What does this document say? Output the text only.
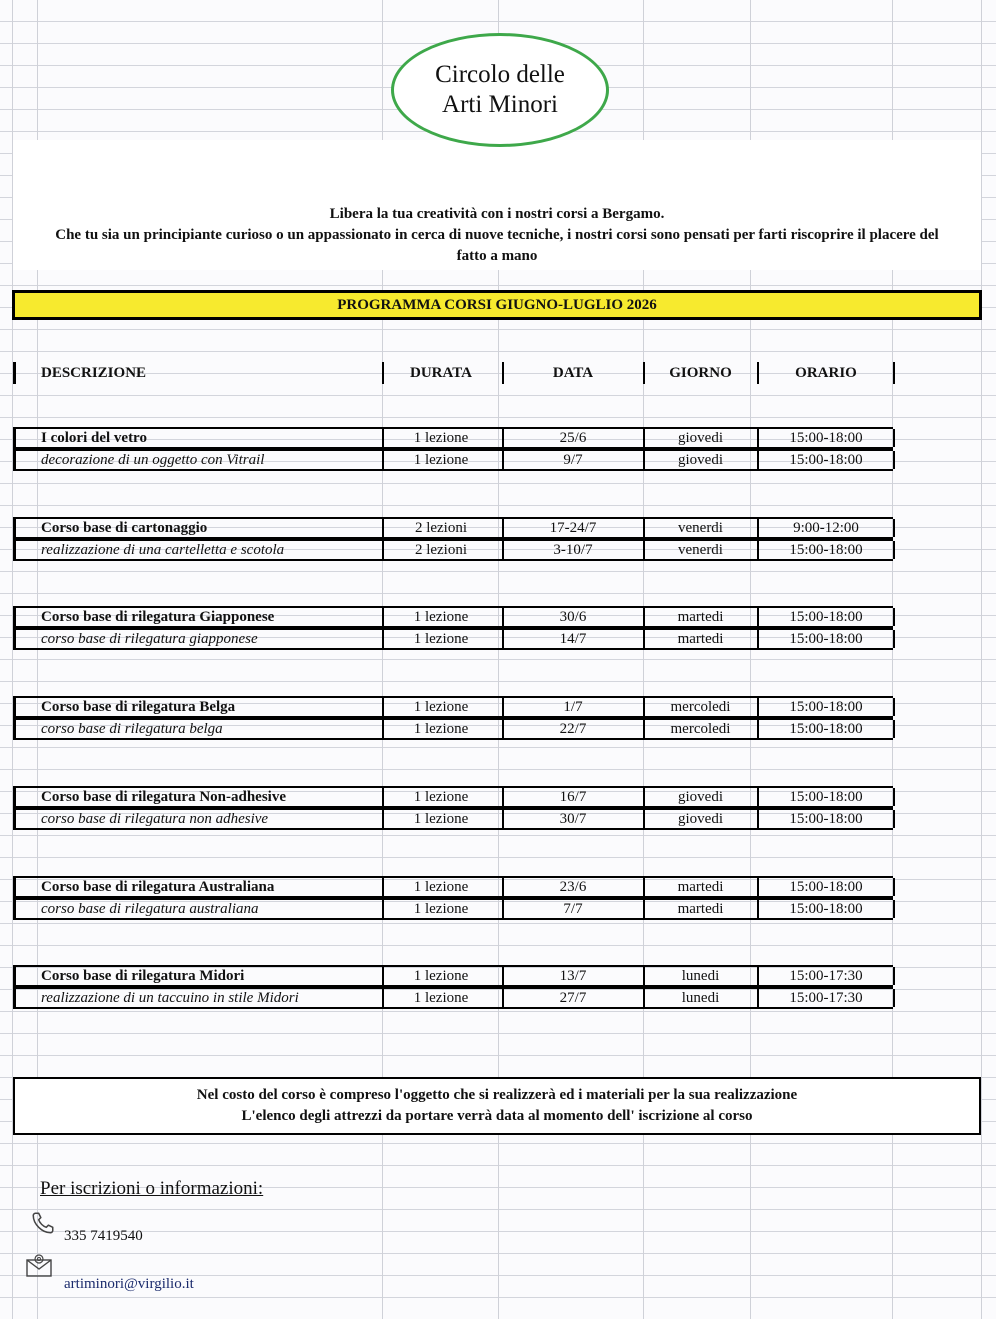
Circolo delle
Arti Minori
Libera la tua creatività con i nostri corsi a Bergamo.
Che tu sia un principiante curioso o un appassionato in cerca di nuove tecniche, i nostri corsi sono pensati per farti riscoprire il placere del
fatto a mano
PROGRAMMA CORSI GIUGNO-LUGLIO 2026
DESCRIZIONE	DURATA	DATA	GIORNO	ORARIO
I colori del vetro	1 lezione	25/6	giovedi	15:00-18:00
decorazione di un oggetto con Vitrail	1 lezione	9/7	giovedi	15:00-18:00
Corso base di cartonaggio	2 lezioni	17-24/7	venerdi	9:00-12:00
realizzazione di una cartelletta e scotola	2 lezioni	3-10/7	venerdi	15:00-18:00
Corso base di rilegatura Giapponese	1 lezione	30/6	martedi	15:00-18:00
corso base di rilegatura giapponese	1 lezione	14/7	martedi	15:00-18:00
Corso base di rilegatura Belga	1 lezione	1/7	mercoledi	15:00-18:00
corso base di rilegatura belga	1 lezione	22/7	mercoledi	15:00-18:00
Corso base di rilegatura Non-adhesive	1 lezione	16/7	giovedi	15:00-18:00
corso base di rilegatura non adhesive	1 lezione	30/7	giovedi	15:00-18:00
Corso base di rilegatura Australiana	1 lezione	23/6	martedi	15:00-18:00
corso base di rilegatura australiana	1 lezione	7/7	martedi	15:00-18:00
Corso base di rilegatura Midori	1 lezione	13/7	lunedi	15:00-17:30
realizzazione di un taccuino in stile Midori	1 lezione	27/7	lunedi	15:00-17:30
Nel costo del corso è compreso l'oggetto che si realizzerà ed i materiali per la sua realizzazione
L'elenco degli attrezzi da portare verrà data al momento dell' iscrizione al corso
Per iscrizioni o informazioni:
335 7419540
artiminori@virgilio.it
